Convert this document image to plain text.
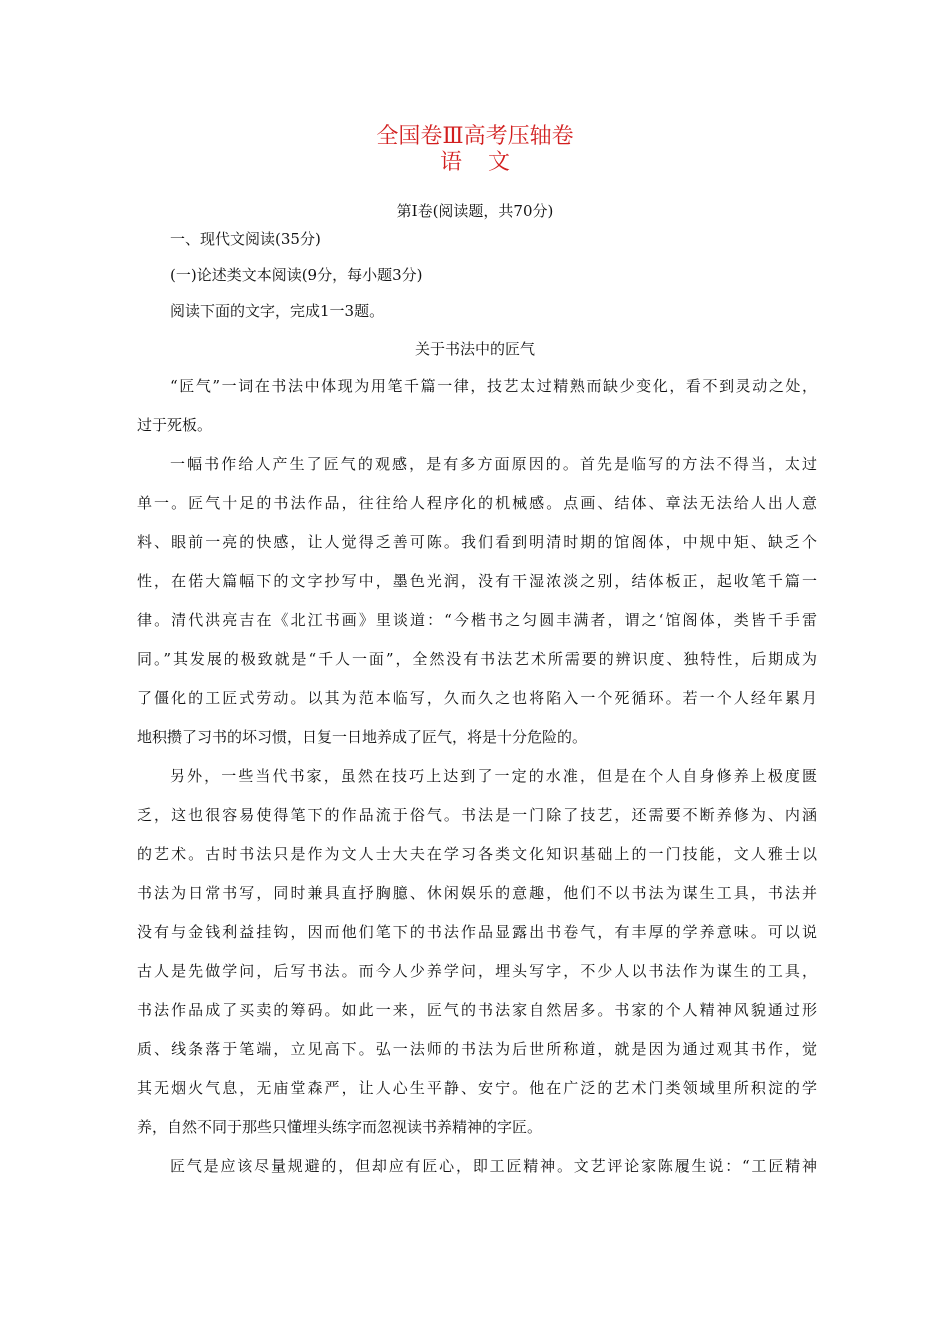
全国卷Ⅲ高考压轴卷
语文
第Ⅰ卷(阅读题，共70分)
一、现代文阅读(35分)
(一)论述类文本阅读(9分，每小题3分)
阅读下面的文字，完成1一3题。
关于书法中的匠气
“匠气”一词在书法中体现为用笔千篇一律，技艺太过精熟而缺少变化，看不到灵动之处，
过于死板。
一幅书作给人产生了匠气的观感，是有多方面原因的。首先是临写的方法不得当，太过
单一。匠气十足的书法作品，往往给人程序化的机械感。点画、结体、章法无法给人出人意
料、眼前一亮的快感，让人觉得乏善可陈。我们看到明清时期的馆阁体，中规中矩、缺乏个
性，在偌大篇幅下的文字抄写中，墨色光润，没有干湿浓淡之别，结体板正，起收笔千篇一
律。清代洪亮吉在《北江书画》里谈道：“今楷书之匀圆丰满者，谓之‘馆阁体，类皆千手雷
同。”其发展的极致就是“千人一面”，全然没有书法艺术所需要的辨识度、独特性，后期成为
了僵化的工匠式劳动。以其为范本临写，久而久之也将陷入一个死循环。若一个人经年累月
地积攒了习书的坏习惯，日复一日地养成了匠气，将是十分危险的。
另外，一些当代书家，虽然在技巧上达到了一定的水准，但是在个人自身修养上极度匮
乏，这也很容易使得笔下的作品流于俗气。书法是一门除了技艺，还需要不断养修为、内涵
的艺术。古时书法只是作为文人士大夫在学习各类文化知识基础上的一门技能，文人雅士以
书法为日常书写，同时兼具直抒胸臆、休闲娱乐的意趣，他们不以书法为谋生工具，书法并
没有与金钱利益挂钩，因而他们笔下的书法作品显露出书卷气，有丰厚的学养意味。可以说
古人是先做学问，后写书法。而今人少养学问，埋头写字，不少人以书法作为谋生的工具，
书法作品成了买卖的筹码。如此一来，匠气的书法家自然居多。书家的个人精神风貌通过形
质、线条落于笔端，立见高下。弘一法师的书法为后世所称道，就是因为通过观其书作，觉
其无烟火气息，无庙堂森严，让人心生平静、安宁。他在广泛的艺术门类领域里所积淀的学
养，自然不同于那些只懂埋头练字而忽视读书养精神的字匠。
匠气是应该尽量规避的，但却应有匠心，即工匠精神。文艺评论家陈履生说：“工匠精神
